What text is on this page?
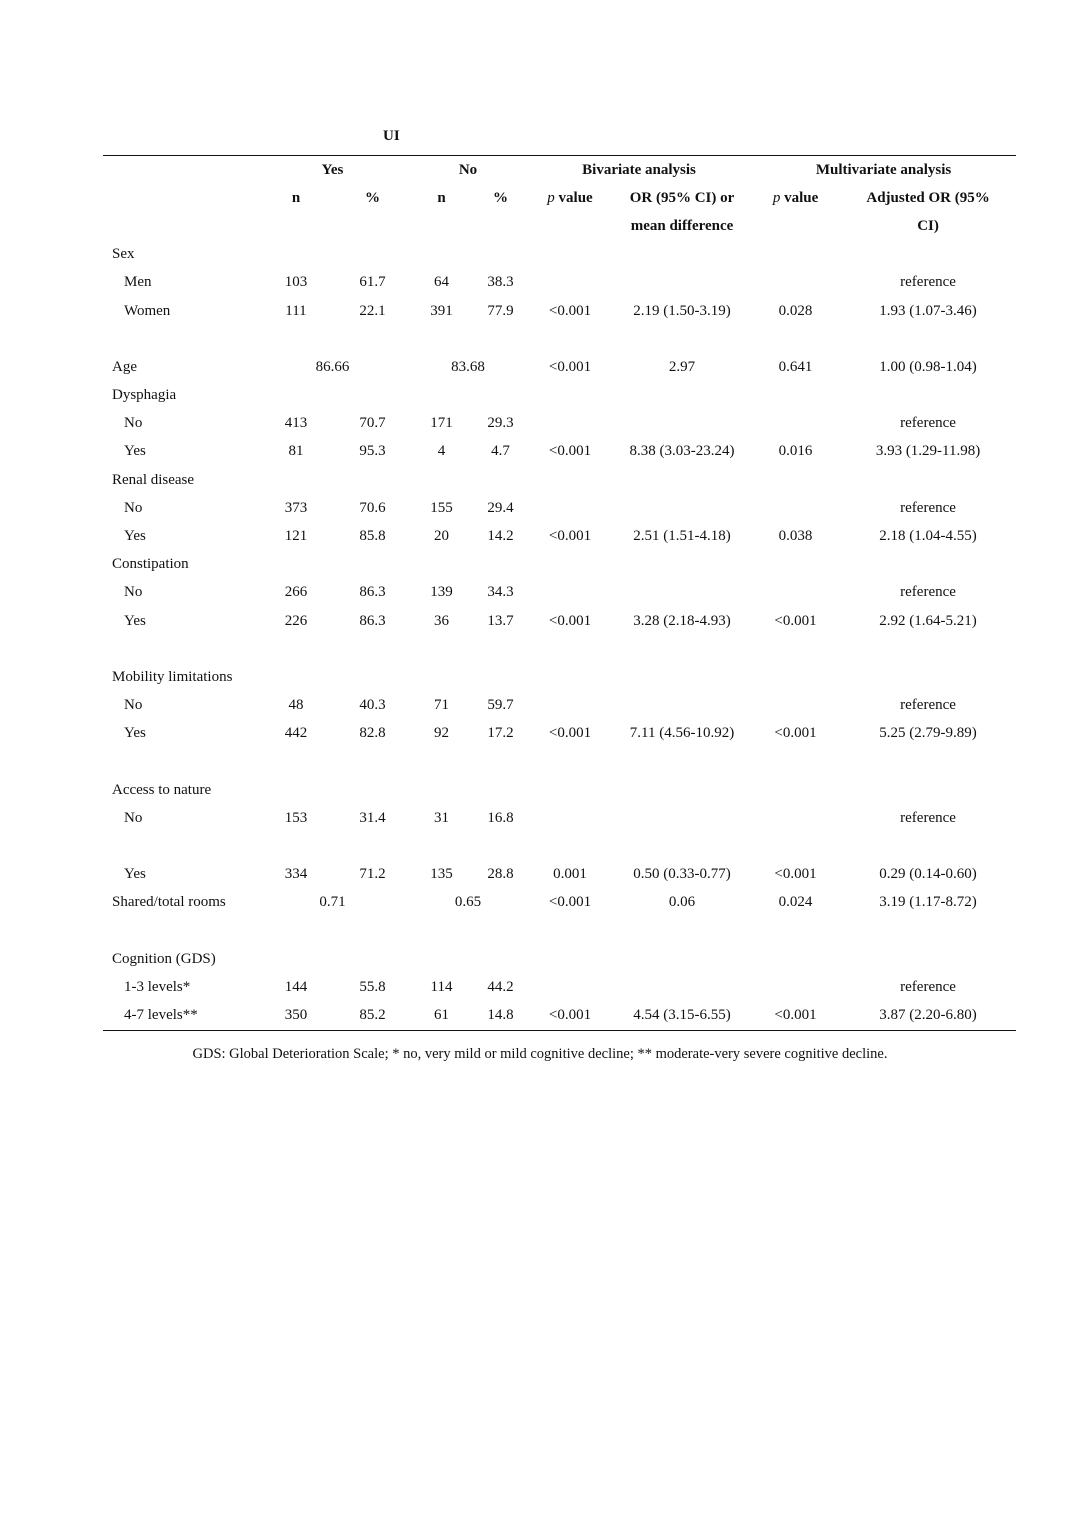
UI
	Yes		No		Bivariate analysis		Multivariate analysis	
	n	%	n	%	p value	OR (95% CI) or	p value	Adjusted OR (95%
						mean difference		CI)
Sex								
Men	103	61.7	64	38.3				reference
Women	111	22.1	391	77.9	<0.001	2.19 (1.50-3.19)	0.028	1.93 (1.07-3.46)

Age	86.66		83.68		<0.001	2.97	0.641	1.00 (0.98-1.04)
Dysphagia								
No	413	70.7	171	29.3				reference
Yes	81	95.3	4	4.7	<0.001	8.38 (3.03-23.24)	0.016	3.93 (1.29-11.98)
Renal disease								
No	373	70.6	155	29.4				reference
Yes	121	85.8	20	14.2	<0.001	2.51 (1.51-4.18)	0.038	2.18 (1.04-4.55)
Constipation								
No	266	86.3	139	34.3				reference
Yes	226	86.3	36	13.7	<0.001	3.28 (2.18-4.93)	<0.001	2.92 (1.64-5.21)

Mobility limitations								
No	48	40.3	71	59.7				reference
Yes	442	82.8	92	17.2	<0.001	7.11 (4.56-10.92)	<0.001	5.25 (2.79-9.89)

Access to nature								
No	153	31.4	31	16.8				reference

Yes	334	71.2	135	28.8	0.001	0.50 (0.33-0.77)	<0.001	0.29 (0.14-0.60)
Shared/total rooms	0.71		0.65		<0.001	0.06	0.024	3.19 (1.17-8.72)

Cognition (GDS)								
1-3 levels*	144	55.8	114	44.2				reference
4-7 levels**	350	85.2	61	14.8	<0.001	4.54 (3.15-6.55)	<0.001	3.87 (2.20-6.80)
GDS: Global Deterioration Scale; * no, very mild or mild cognitive decline; ** moderate-very severe cognitive decline.
